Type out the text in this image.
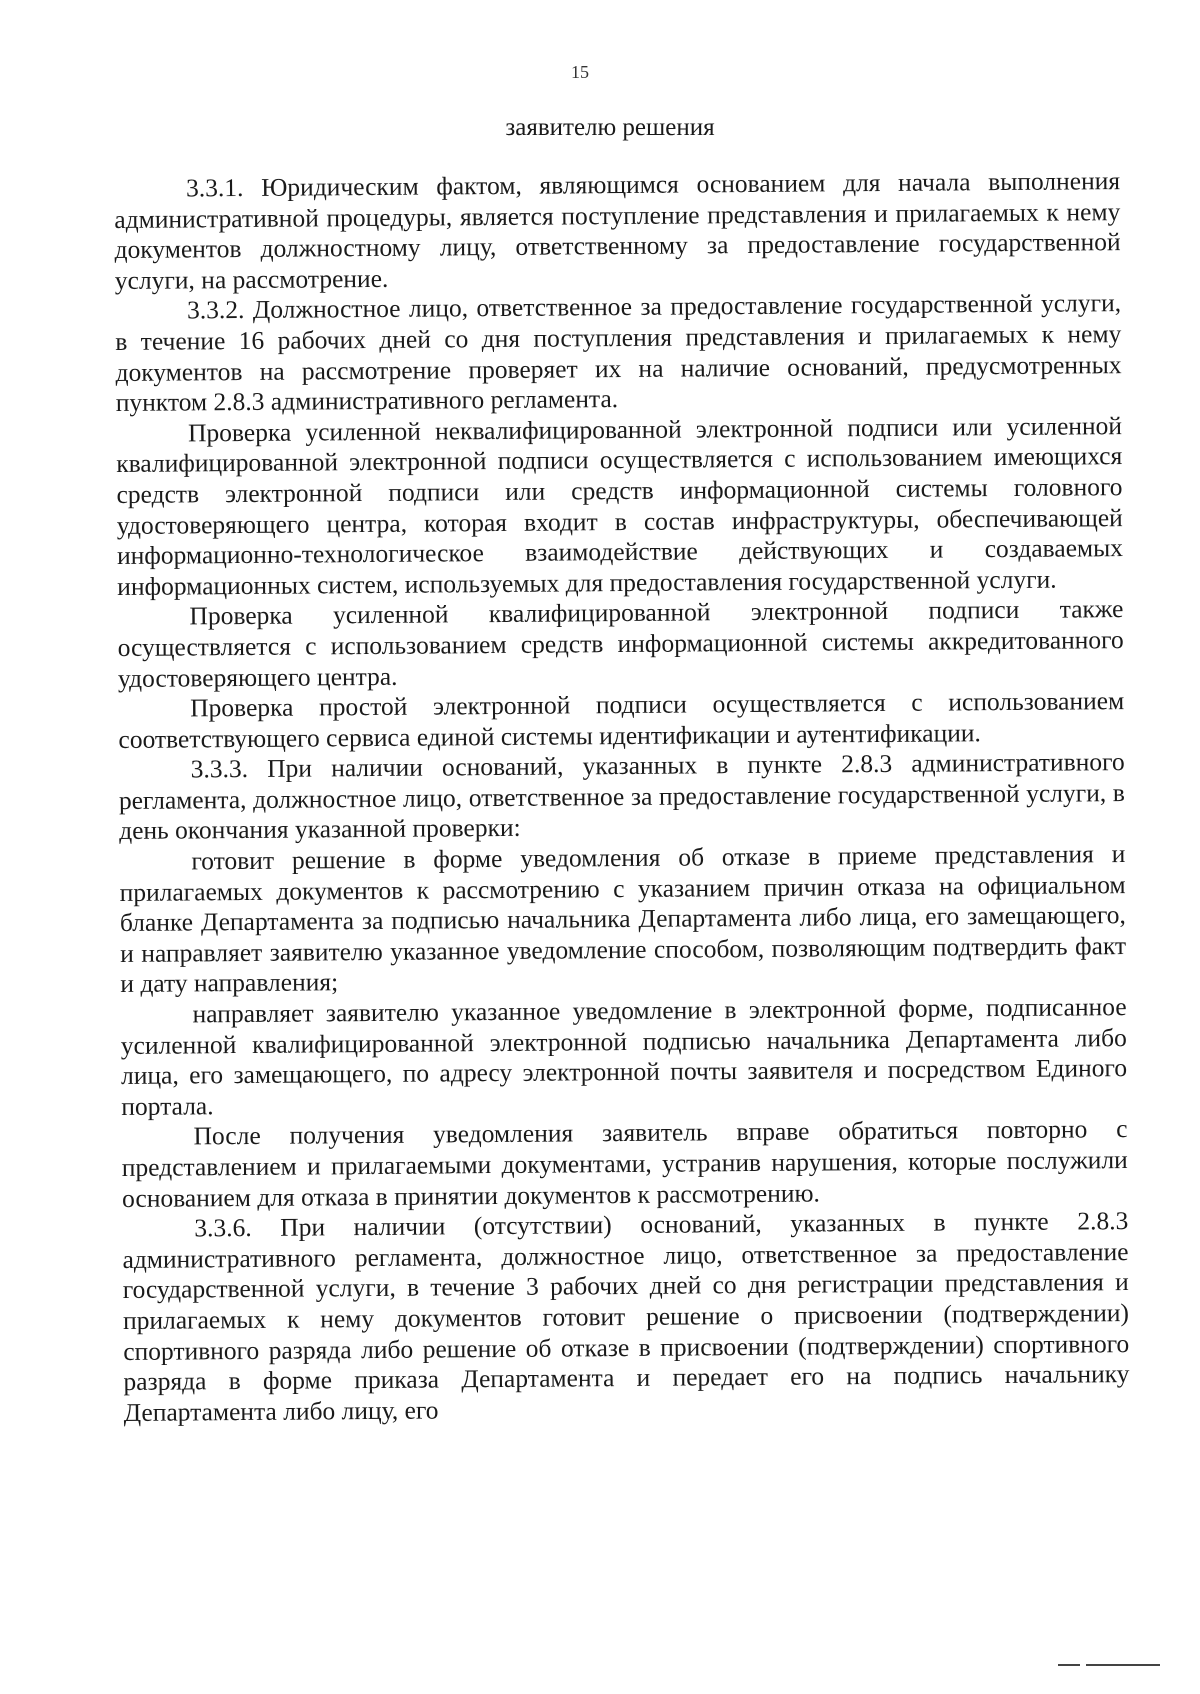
15
заявителю решения

3.3.1. Юридическим фактом, являющимся основанием для начала выполнения административной процедуры, является поступление представления и прилагаемых к нему документов должностному лицу, ответственному за предоставление государственной услуги, на рассмотрение.

3.3.2. Должностное лицо, ответственное за предоставление государственной услуги, в течение 16 рабочих дней со дня поступления представления и прилагаемых к нему документов на рассмотрение проверяет их на наличие оснований, предусмотренных пунктом 2.8.3 административного регламента.

Проверка усиленной неквалифицированной электронной подписи или усиленной квалифицированной электронной подписи осуществляется с использованием имеющихся средств электронной подписи или средств информационной системы головного удостоверяющего центра, которая входит в состав инфраструктуры, обеспечивающей информационно-технологическое взаимодействие действующих и создаваемых информационных систем, используемых для предоставления государственной услуги.

Проверка усиленной квалифицированной электронной подписи также осуществляется с использованием средств информационной системы аккредитованного удостоверяющего центра.

Проверка простой электронной подписи осуществляется с использованием соответствующего сервиса единой системы идентификации и аутентификации.

3.3.3. При наличии оснований, указанных в пункте 2.8.3 административного регламента, должностное лицо, ответственное за предоставление государственной услуги, в день окончания указанной проверки:

готовит решение в форме уведомления об отказе в приеме представления и прилагаемых документов к рассмотрению с указанием причин отказа на официальном бланке Департамента за подписью начальника Департамента либо лица, его замещающего, и направляет заявителю указанное уведомление способом, позволяющим подтвердить факт и дату направления;

направляет заявителю указанное уведомление в электронной форме, подписанное усиленной квалифицированной электронной подписью начальника Департамента либо лица, его замещающего, по адресу электронной почты заявителя и посредством Единого портала.

После получения уведомления заявитель вправе обратиться повторно с представлением и прилагаемыми документами, устранив нарушения, которые послужили основанием для отказа в принятии документов к рассмотрению.

3.3.6. При наличии (отсутствии) оснований, указанных в пункте 2.8.3 административного регламента, должностное лицо, ответственное за предоставление государственной услуги, в течение 3 рабочих дней со дня регистрации представления и прилагаемых к нему документов готовит решение о присвоении (подтверждении) спортивного разряда либо решение об отказе в присвоении (подтверждении) спортивного разряда в форме приказа Департамента и передает его на подпись начальнику Департамента либо лицу, его
